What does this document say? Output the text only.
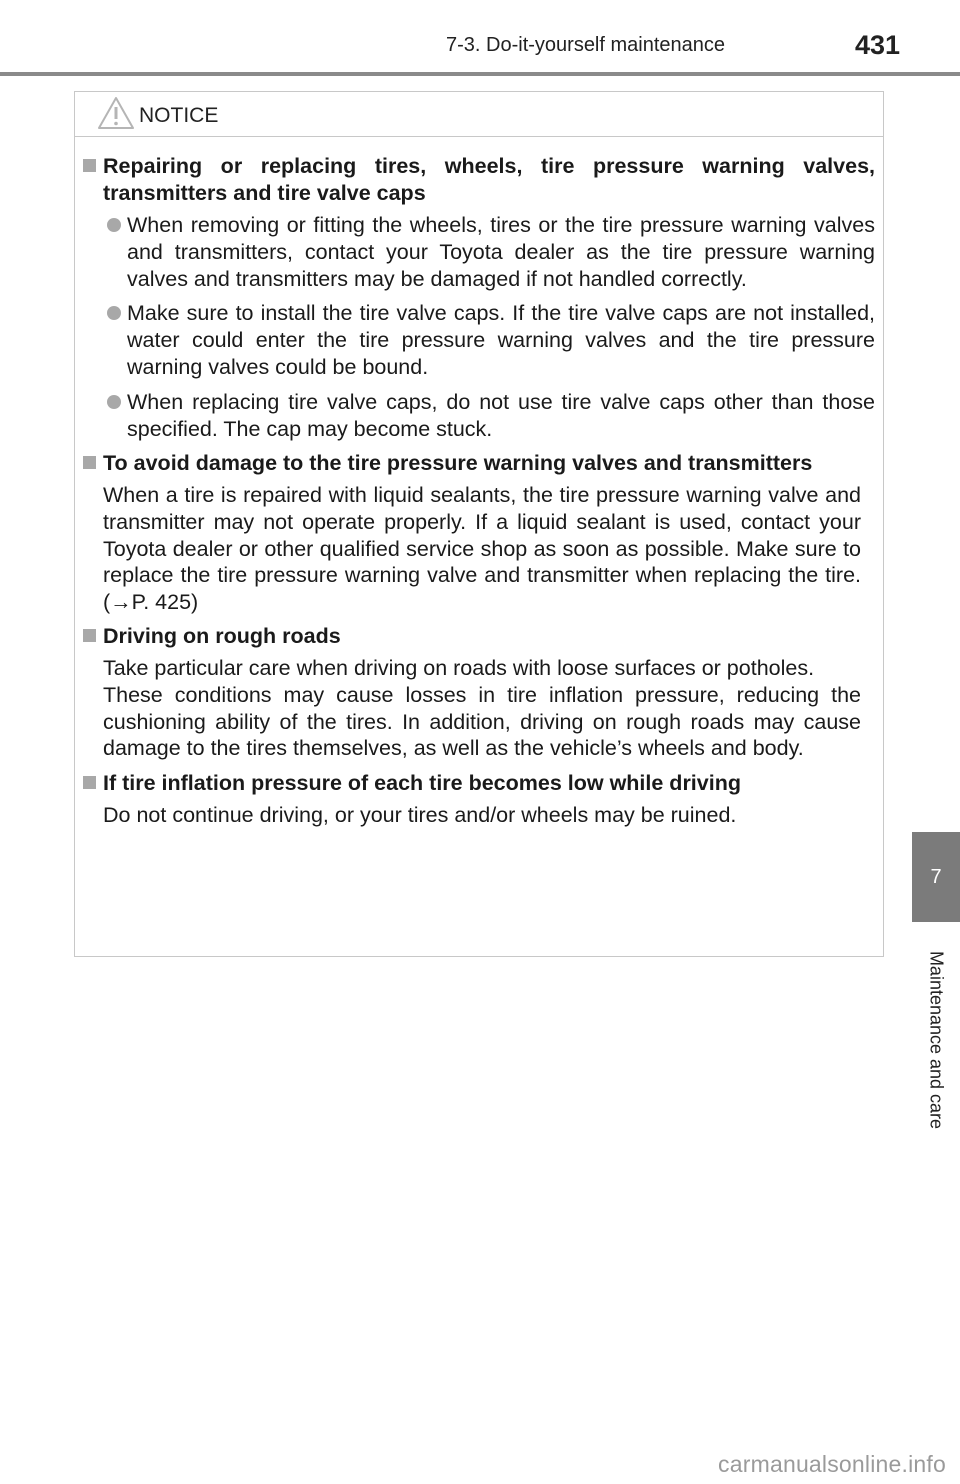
7-3. Do-it-yourself maintenance	431
7
Maintenance and care
NOTICE
Repairing or replacing tires, wheels, tire pressure warning valves, transmitters and tire valve caps
When removing or fitting the wheels, tires or the tire pressure warning valves and transmitters, contact your Toyota dealer as the tire pressure warning valves and transmitters may be damaged if not handled correctly.
Make sure to install the tire valve caps. If the tire valve caps are not installed, water could enter the tire pressure warning valves and the tire pressure warning valves could be bound.
When replacing tire valve caps, do not use tire valve caps other than those specified. The cap may become stuck.
To avoid damage to the tire pressure warning valves and transmitters
When a tire is repaired with liquid sealants, the tire pressure warning valve and transmitter may not operate properly. If a liquid sealant is used, contact your Toyota dealer or other qualified service shop as soon as possible. Make sure to replace the tire pressure warning valve and transmitter when replacing the tire. (→P. 425)
Driving on rough roads
Take particular care when driving on roads with loose surfaces or potholes.
These conditions may cause losses in tire inflation pressure, reducing the cushioning ability of the tires. In addition, driving on rough roads may cause damage to the tires themselves, as well as the vehicle’s wheels and body.
If tire inflation pressure of each tire becomes low while driving
Do not continue driving, or your tires and/or wheels may be ruined.
carmanualsonline.info
